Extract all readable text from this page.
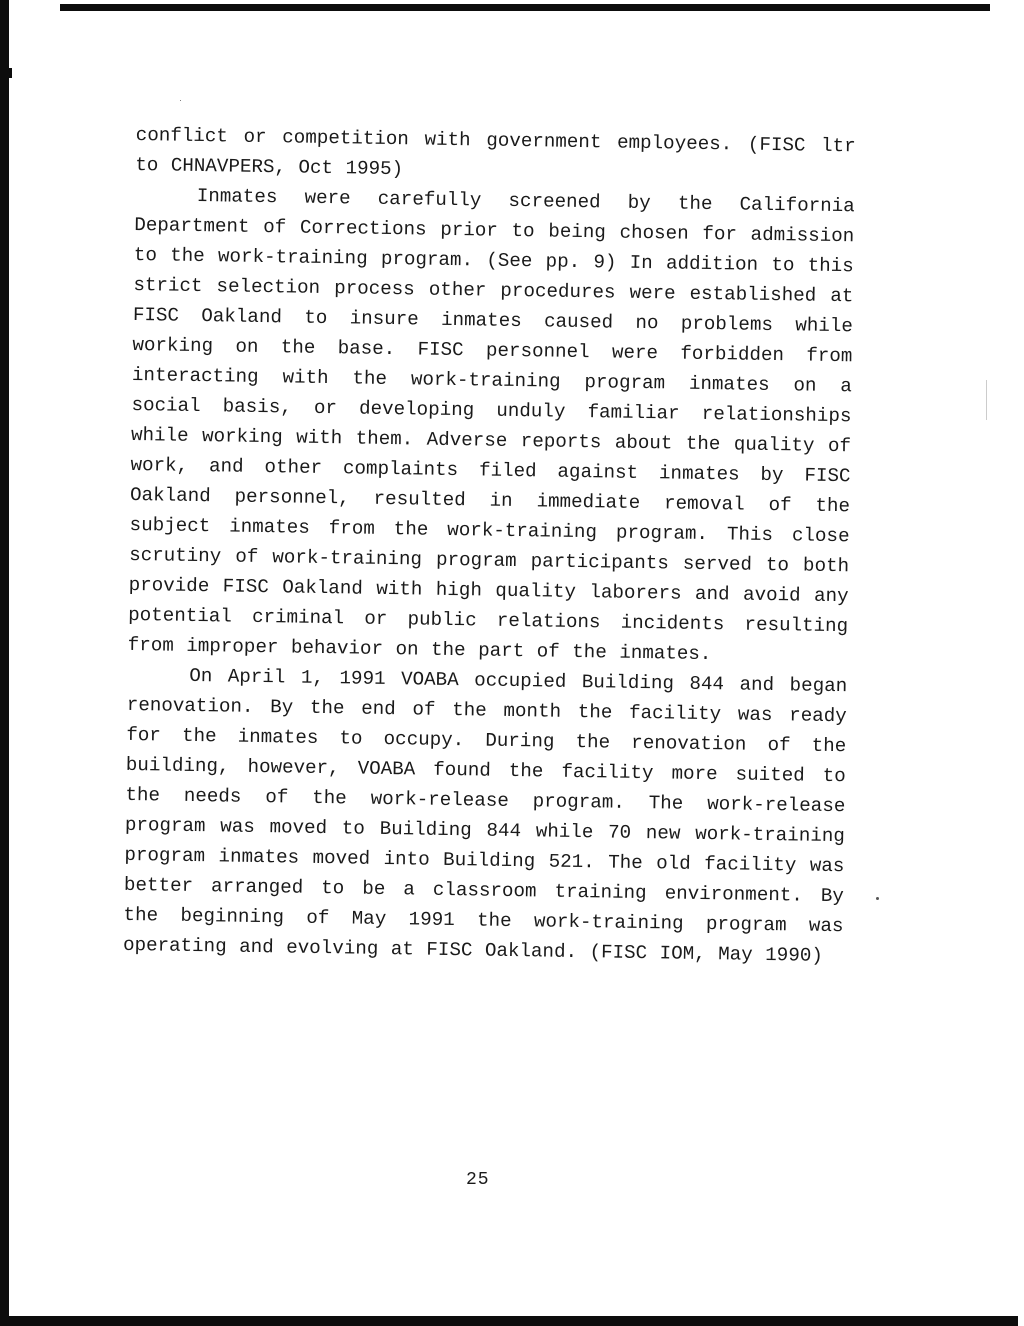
conflict or competition with government employees. (FISC ltr to CHNAVPERS, Oct 1995)

Inmates were carefully screened by the California Department of Corrections prior to being chosen for admission to the work-training program. (See pp. 9) In addition to this strict selection process other procedures were established at FISC Oakland to insure inmates caused no problems while working on the base. FISC personnel were forbidden from interacting with the work-training program inmates on a social basis, or developing unduly familiar relationships while working with them. Adverse reports about the quality of work, and other complaints filed against inmates by FISC Oakland personnel, resulted in immediate removal of the subject inmates from the work-training program. This close scrutiny of work-training program participants served to both provide FISC Oakland with high quality laborers and avoid any potential criminal or public relations incidents resulting from improper behavior on the part of the inmates.

On April 1, 1991 VOABA occupied Building 844 and began renovation. By the end of the month the facility was ready for the inmates to occupy. During the renovation of the building, however, VOABA found the facility more suited to the needs of the work-release program. The work-release program was moved to Building 844 while 70 new work-training program inmates moved into Building 521. The old facility was better arranged to be a classroom training environment. By the beginning of May 1991 the work-training program was operating and evolving at FISC Oakland. (FISC IOM, May 1990)

25
